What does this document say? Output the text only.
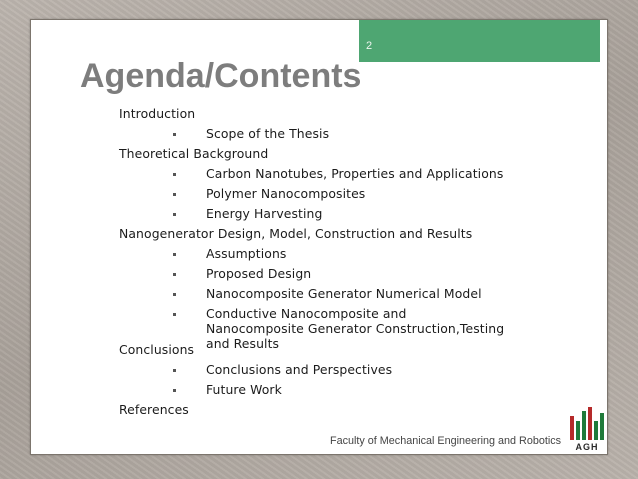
2
Agenda/Contents
Introduction
Scope of the Thesis
Theoretical Background
Carbon Nanotubes, Properties and Applications
Polymer Nanocomposites
Energy Harvesting
Nanogenerator Design, Model, Construction and Results
Assumptions
Proposed Design
Nanocomposite Generator Numerical Model
Conductive Nanocomposite and Nanocomposite Generator Construction,Testing and Results
Conclusions
Conclusions and Perspectives
Future Work
References
Faculty of Mechanical Engineering and Robotics	AGH
